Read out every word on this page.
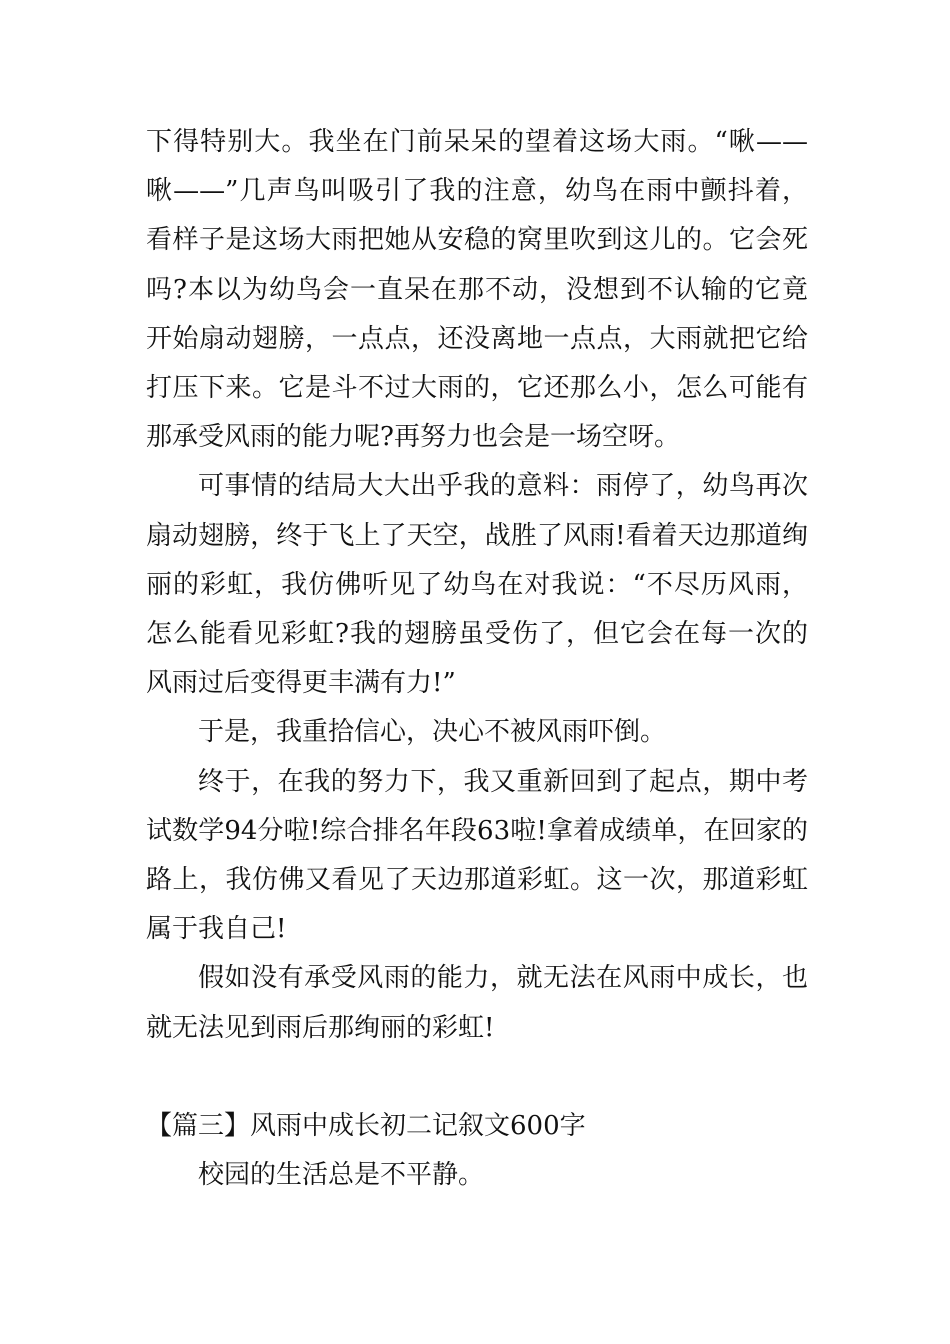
下得特别大。我坐在门前呆呆的望着这场大雨。“啾——啾——”几声鸟叫吸引了我的注意，幼鸟在雨中颤抖着，看样子是这场大雨把她从安稳的窝里吹到这儿的。它会死吗?本以为幼鸟会一直呆在那不动，没想到不认输的它竟开始扇动翅膀，一点点，还没离地一点点，大雨就把它给打压下来。它是斗不过大雨的，它还那么小，怎么可能有那承受风雨的能力呢?再努力也会是一场空呀。

可事情的结局大大出乎我的意料：雨停了，幼鸟再次扇动翅膀，终于飞上了天空，战胜了风雨!看着天边那道绚丽的彩虹，我仿佛听见了幼鸟在对我说：“不尽历风雨，怎么能看见彩虹?我的翅膀虽受伤了，但它会在每一次的风雨过后变得更丰满有力!”

于是，我重拾信心，决心不被风雨吓倒。

终于，在我的努力下，我又重新回到了起点，期中考试数学94分啦!综合排名年段63啦!拿着成绩单，在回家的路上，我仿佛又看见了天边那道彩虹。这一次，那道彩虹属于我自己!

假如没有承受风雨的能力，就无法在风雨中成长，也就无法见到雨后那绚丽的彩虹!

【篇三】风雨中成长初二记叙文600字

校园的生活总是不平静。
